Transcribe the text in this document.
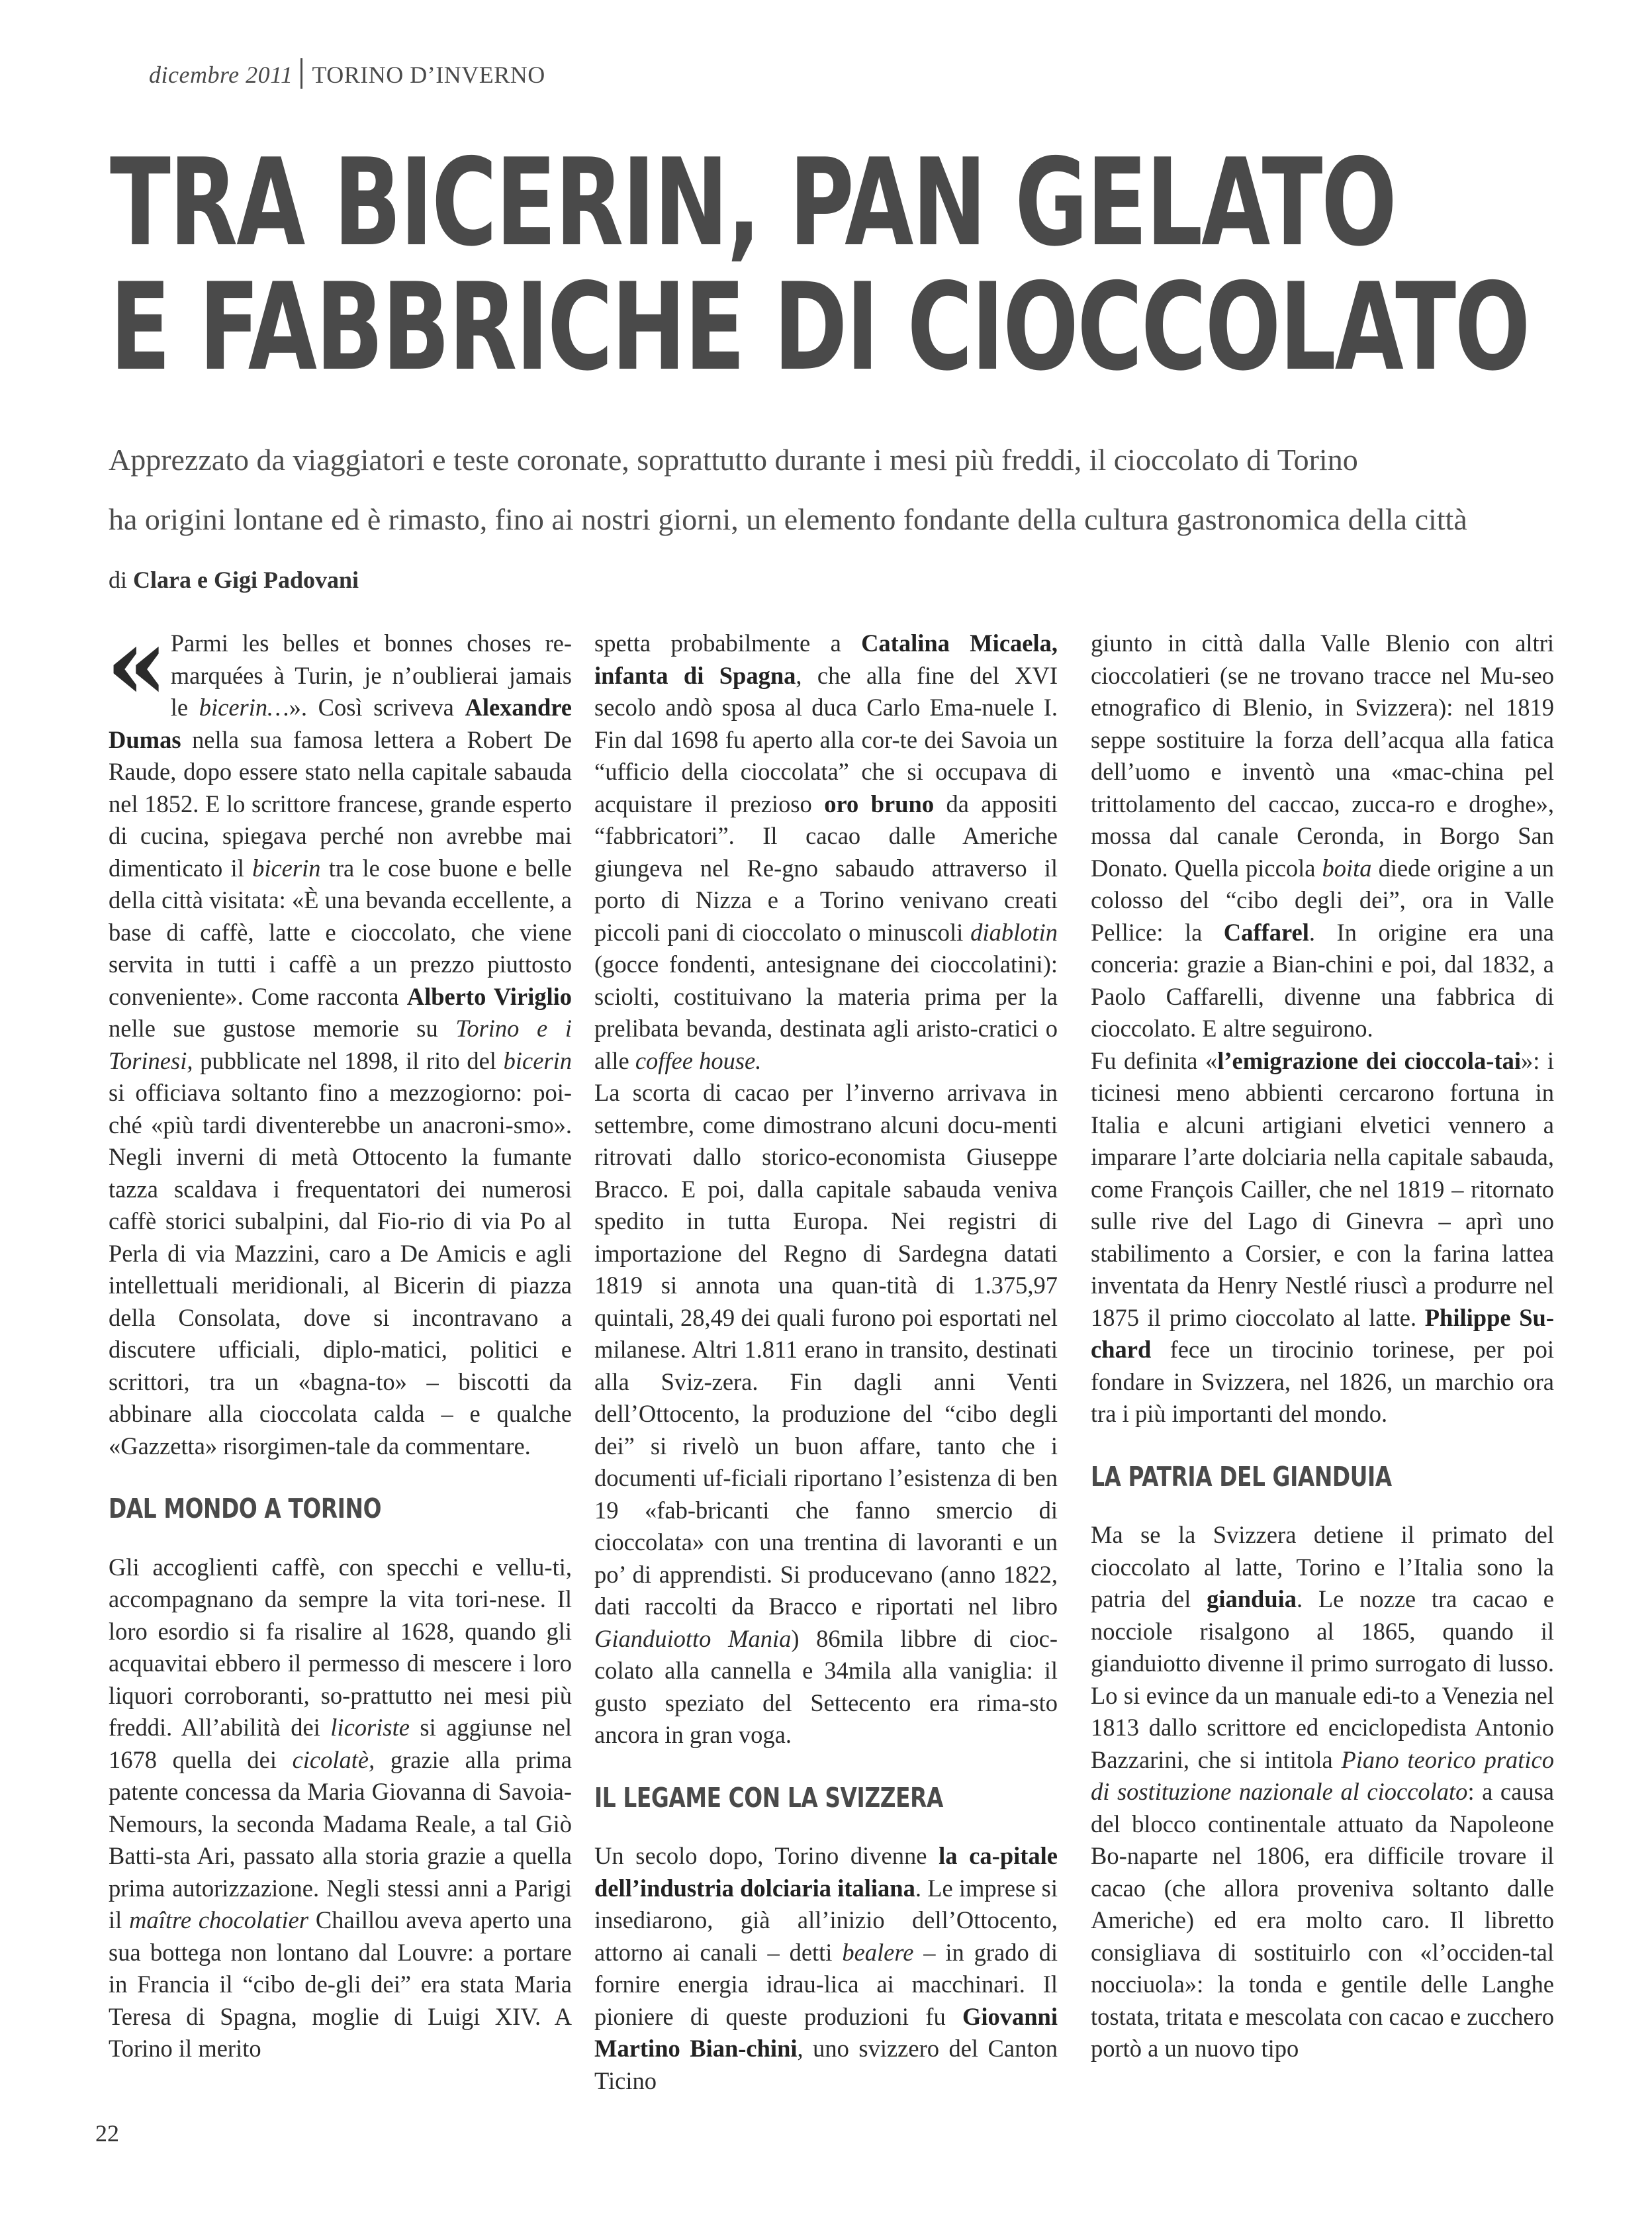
dicembre 2011 TORINO D’INVERNO
TRA BICERIN, PAN GELATO
E FABBRICHE DI CIOCCOLATO

Apprezzato da viaggiatori e teste coronate, soprattutto durante i mesi più freddi, il cioccolato di Torino
ha origini lontane ed è rimasto, fino ai nostri giorni, un elemento fondante della cultura gastronomica della città

di Clara e Gigi Padovani

« Parmi les belles et bonnes choses re-marquées à Turin, je n’oublierai jamais le bicerin…». Così scriveva Alexandre Dumas nella sua famosa lettera a Robert De Raude, dopo essere stato nella capitale sabauda nel 1852. E lo scrittore francese, grande esperto di cucina, spiegava perché non avrebbe mai dimenticato il bicerin tra le cose buone e belle della città visitata: «È una bevanda eccellente, a base di caffè, latte e cioccolato, che viene servita in tutti i caffè a un prezzo piuttosto conveniente». Come racconta Alberto Viriglio nelle sue gustose memorie su Torino e i Torinesi, pubblicate nel 1898, il rito del bicerin si officiava soltanto fino a mezzogiorno: poi-ché «più tardi diventerebbe un anacroni-smo». Negli inverni di metà Ottocento la fumante tazza scaldava i frequentatori dei numerosi caffè storici subalpini, dal Fio-rio di via Po al Perla di via Mazzini, caro a De Amicis e agli intellettuali meridionali, al Bicerin di piazza della Consolata, dove si incontravano a discutere ufficiali, diplo-matici, politici e scrittori, tra un «bagna-to» – biscotti da abbinare alla cioccolata calda – e qualche «Gazzetta» risorgimen-tale da commentare.

DAL MONDO A TORINO

Gli accoglienti caffè, con specchi e vellu-ti, accompagnano da sempre la vita tori-nese. Il loro esordio si fa risalire al 1628, quando gli acquavitai ebbero il permesso di mescere i loro liquori corroboranti, so-prattutto nei mesi più freddi. All’abilità dei licoriste si aggiunse nel 1678 quella dei cicolatè, grazie alla prima patente concessa da Maria Giovanna di Savoia-Nemours, la seconda Madama Reale, a tal Giò Batti-sta Ari, passato alla storia grazie a quella prima autorizzazione. Negli stessi anni a Parigi il maître chocolatier Chaillou aveva aperto una sua bottega non lontano dal Louvre: a portare in Francia il “cibo de-gli dei” era stata Maria Teresa di Spagna, moglie di Luigi XIV. A Torino il merito

spetta probabilmente a Catalina Micaela, infanta di Spagna, che alla fine del XVI secolo andò sposa al duca Carlo Ema-nuele I. Fin dal 1698 fu aperto alla cor-te dei Savoia un “ufficio della cioccolata” che si occupava di acquistare il prezioso oro bruno da appositi “fabbricatori”. Il cacao dalle Americhe giungeva nel Re-gno sabaudo attraverso il porto di Nizza e a Torino venivano creati piccoli pani di cioccolato o minuscoli diablotin (gocce fondenti, antesignane dei cioccolatini): sciolti, costituivano la materia prima per la prelibata bevanda, destinata agli aristo-cratici o alle coffee house.

La scorta di cacao per l’inverno arrivava in settembre, come dimostrano alcuni docu-menti ritrovati dallo storico-economista Giuseppe Bracco. E poi, dalla capitale sabauda veniva spedito in tutta Europa. Nei registri di importazione del Regno di Sardegna datati 1819 si annota una quan-tità di 1.375,97 quintali, 28,49 dei quali furono poi esportati nel milanese. Altri 1.811 erano in transito, destinati alla Sviz-zera. Fin dagli anni Venti dell’Ottocento, la produzione del “cibo degli dei” si rivelò un buon affare, tanto che i documenti uf-ficiali riportano l’esistenza di ben 19 «fab-bricanti che fanno smercio di cioccolata» con una trentina di lavoranti e un po’ di apprendisti. Si producevano (anno 1822, dati raccolti da Bracco e riportati nel libro Gianduiotto Mania) 86mila libbre di cioc-colato alla cannella e 34mila alla vaniglia: il gusto speziato del Settecento era rima-sto ancora in gran voga.

IL LEGAME CON LA SVIZZERA

Un secolo dopo, Torino divenne la ca-pitale dell’industria dolciaria italiana. Le imprese si insediarono, già all’inizio dell’Ottocento, attorno ai canali – detti bealere – in grado di fornire energia idrau-lica ai macchinari. Il pioniere di queste produzioni fu Giovanni Martino Bian-chini, uno svizzero del Canton Ticino

giunto in città dalla Valle Blenio con altri cioccolatieri (se ne trovano tracce nel Mu-seo etnografico di Blenio, in Svizzera): nel 1819 seppe sostituire la forza dell’acqua alla fatica dell’uomo e inventò una «mac-china pel trittolamento del caccao, zucca-ro e droghe», mossa dal canale Ceronda, in Borgo San Donato. Quella piccola boita diede origine a un colosso del “cibo degli dei”, ora in Valle Pellice: la Caffarel. In origine era una conceria: grazie a Bian-chini e poi, dal 1832, a Paolo Caffarelli, divenne una fabbrica di cioccolato. E altre seguirono.

Fu definita «l’emigrazione dei cioccola-tai»: i ticinesi meno abbienti cercarono fortuna in Italia e alcuni artigiani elvetici vennero a imparare l’arte dolciaria nella capitale sabauda, come François Cailler, che nel 1819 – ritornato sulle rive del Lago di Ginevra – aprì uno stabilimento a Corsier, e con la farina lattea inventata da Henry Nestlé riuscì a produrre nel 1875 il primo cioccolato al latte. Philippe Su-chard fece un tirocinio torinese, per poi fondare in Svizzera, nel 1826, un marchio ora tra i più importanti del mondo.

LA PATRIA DEL GIANDUIA

Ma se la Svizzera detiene il primato del cioccolato al latte, Torino e l’Italia sono la patria del gianduia. Le nozze tra cacao e nocciole risalgono al 1865, quando il gianduiotto divenne il primo surrogato di lusso. Lo si evince da un manuale edi-to a Venezia nel 1813 dallo scrittore ed enciclopedista Antonio Bazzarini, che si intitola Piano teorico pratico di sostituzione nazionale al cioccolato: a causa del blocco continentale attuato da Napoleone Bo-naparte nel 1806, era difficile trovare il cacao (che allora proveniva soltanto dalle Americhe) ed era molto caro. Il libretto consigliava di sostituirlo con «l’occiden-tal nocciuola»: la tonda e gentile delle Langhe tostata, tritata e mescolata con cacao e zucchero portò a un nuovo tipo

22
